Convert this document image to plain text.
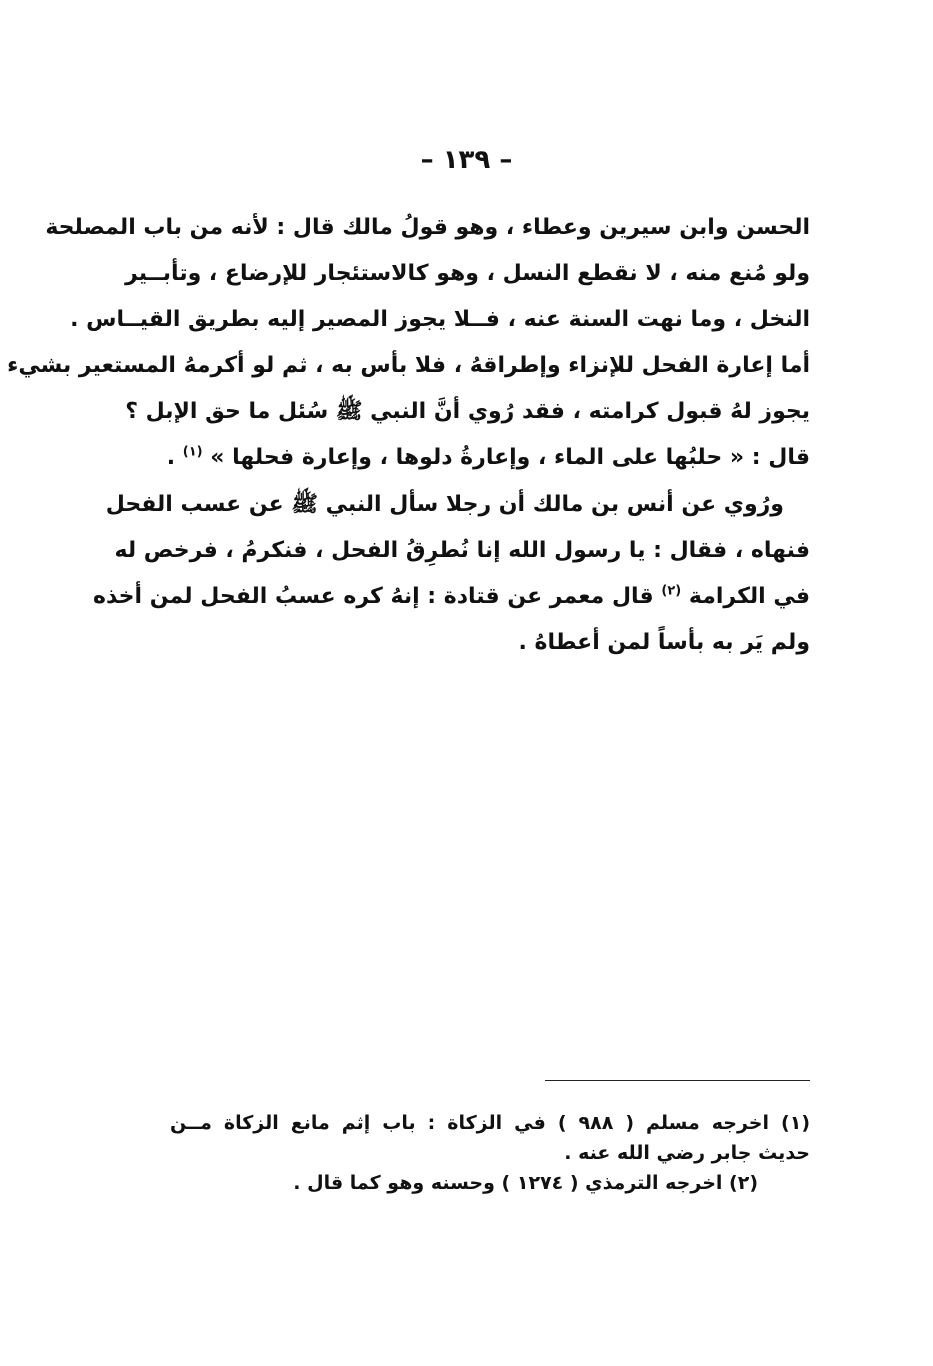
– ١٣٩ –
الحسن وابن سيرين وعطاء ، وهو قولُ مالك قال : لأنه من باب المصلحة
ولو مُنع منه ، لا نقطع النسل ، وهو كالاستئجار للإرضاع ، وتأبــير
النخل ، وما نهت السنة عنه ، فــلا يجوز المصير إليه بطريق القيــاس .
أما إعارة الفحل للإنزاء وإطراقهُ ، فلا بأس به ، ثم لو أكرمهُ المستعير بشيء
يجوز لهُ قبول كرامته ، فقد رُوي أنَّ النبي ﷺ سُئل ما حق الإبل ؟
قال : « حلبُها على الماء ، وإعارةُ دلوها ، وإعارة فحلها » $^{(١)}$ .
ورُوي عن أنس بن مالك أن رجلا سأل النبي ﷺ عن عسب الفحل
فنهاه ، فقال : يا رسول الله إنا نُطرِقُ الفحل ، فنكرمُ ، فرخص له
في الكرامة $^{(٢)}$ قال معمر عن قتادة : إنهُ كره عسبُ الفحل لمن أخذه
ولم يَر به بأساً لمن أعطاهُ .
(١) اخرجه مسلم ( ٩٨٨ ) في الزكاة : باب إثم مانع الزكاة مــن
حديث جابر رضي الله عنه .
(٢) اخرجه الترمذي ( ١٢٧٤ ) وحسنه وهو كما قال .
